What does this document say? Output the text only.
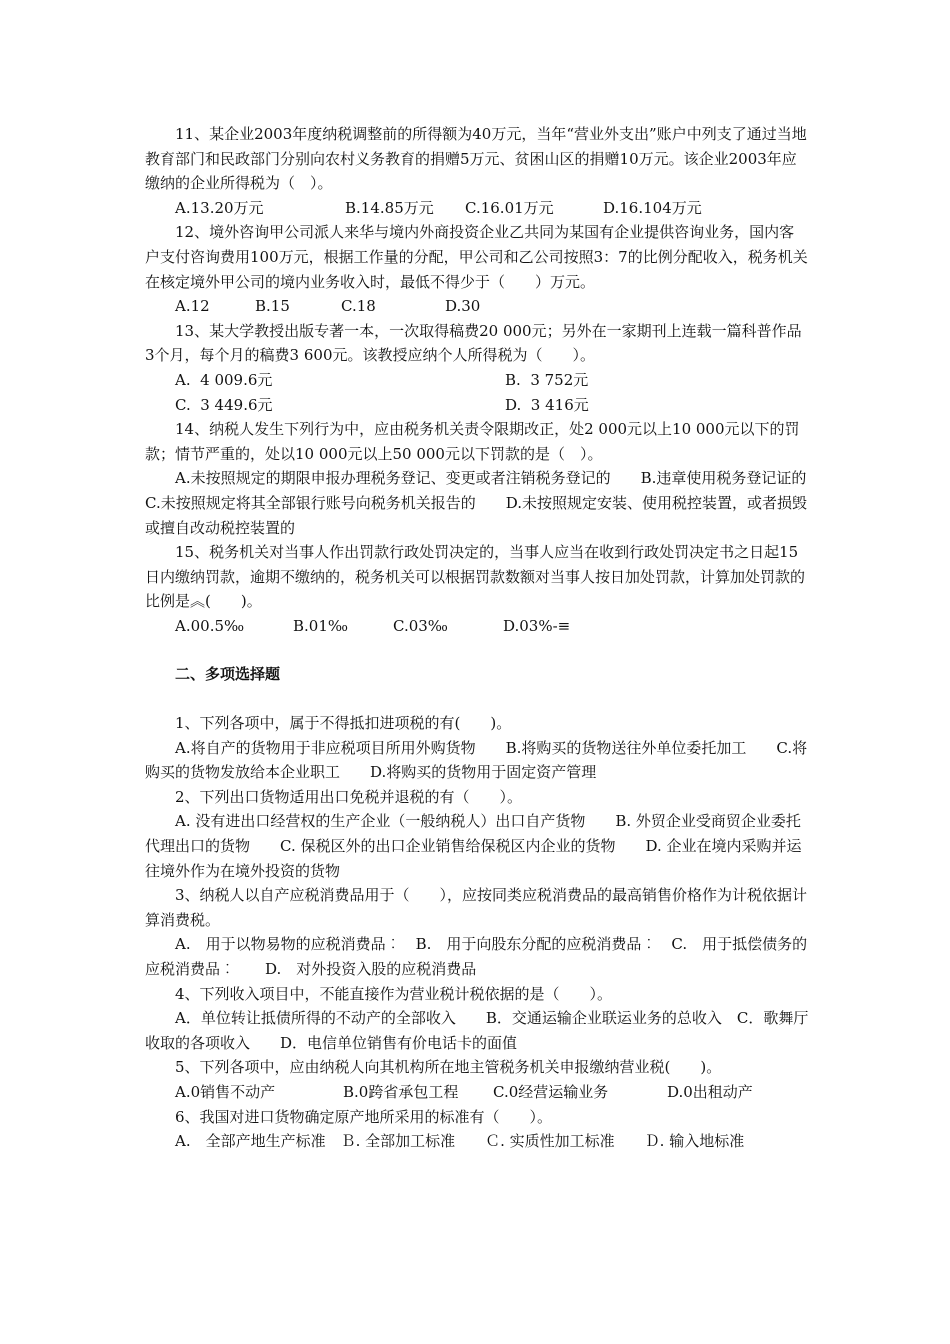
11、某企业2003年度纳税调整前的所得额为40万元，当年“营业外支出”账户中列支了通过当地教育部门和民政部门分别向农村义务教育的捐赠5万元、贫困山区的捐赠10万元。该企业2003年应缴纳的企业所得税为（　）。

A.13.20万元	B.14.85万元 C.16.01万元	D.16.104万元

12、境外咨询甲公司派人来华与境内外商投资企业乙共同为某国有企业提供咨询业务，国内客户支付咨询费用100万元，根据工作量的分配，甲公司和乙公司按照3：7的比例分配收入，税务机关在核定境外甲公司的境内业务收入时，最低不得少于（　　）万元。

A.12	B.15	C.18	D.30

13、某大学教授出版专著一本，一次取得稿费20 000元；另外在一家期刊上连载一篇科普作品3个月，每个月的稿费3 600元。该教授应纳个人所得税为（　　）。

A.  4 009.6元	B.  3 752元
C.  3 449.6元	D.  3 416元

14、纳税人发生下列行为中，应由税务机关责令限期改正，处2 000元以上10 000元以下的罚款；情节严重的，处以10 000元以上50 000元以下罚款的是（　）。

A.未按照规定的期限申报办理税务登记、变更或者注销税务登记的　　B.违章使用税务登记证的　　C.未按照规定将其全部银行账号向税务机关报告的　　D.未按照规定安装、使用税控装置，或者损毁或擅自改动税控装置的

15、税务机关对当事人作出罚款行政处罚决定的，当事人应当在收到行政处罚决定书之日起15日内缴纳罚款，逾期不缴纳的，税务机关可以根据罚款数额对当事人按日加处罚款，计算加处罚款的比例是︽(　　)。

A.00.5‰	B.01‰	C.03‰	D.03%-≡
二、多项选择题

1、下列各项中，属于不得抵扣进项税的有(　　)。

A.将自产的货物用于非应税项目所用外购货物　　B.将购买的货物送往外单位委托加工　　C.将购买的货物发放给本企业职工　　D.将购买的货物用于固定资产管理

2、下列出口货物适用出口免税并退税的有（　　）。

A. 没有进出口经营权的生产企业（一般纳税人）出口自产货物　　B. 外贸企业受商贸企业委托代理出口的货物　　C. 保税区外的出口企业销售给保税区内企业的货物　　D. 企业在境内采购并运往境外作为在境外投资的货物

3、纳税人以自产应税消费品用于（　　），应按同类应税消费品的最高销售价格作为计税依据计算消费税。

A.　用于以物易物的应税消费品︰　B.　用于向股东分配的应税消费品︰　C.　用于抵偿债务的应税消费品︰　　D.　对外投资入股的应税消费品

4、下列收入项目中，不能直接作为营业税计税依据的是（　　）。

A．单位转让抵债所得的不动产的全部收入　　B．交通运输企业联运业务的总收入　C．歌舞厅收取的各项收入　　D．电信单位销售有价电话卡的面值

5、下列各项中，应由纳税人向其机构所在地主管税务机关申报缴纳营业税(　　)。

A.0销售不动产	B.0跨省承包工程 C.0经营运输业务	D.0出租动产

6、我国对进口货物确定原产地所采用的标准有（　　）。

A.　全部产地生产标准　Ｂ. 全部加工标准　　Ｃ. 实质性加工标准　　Ｄ. 输入地标准
